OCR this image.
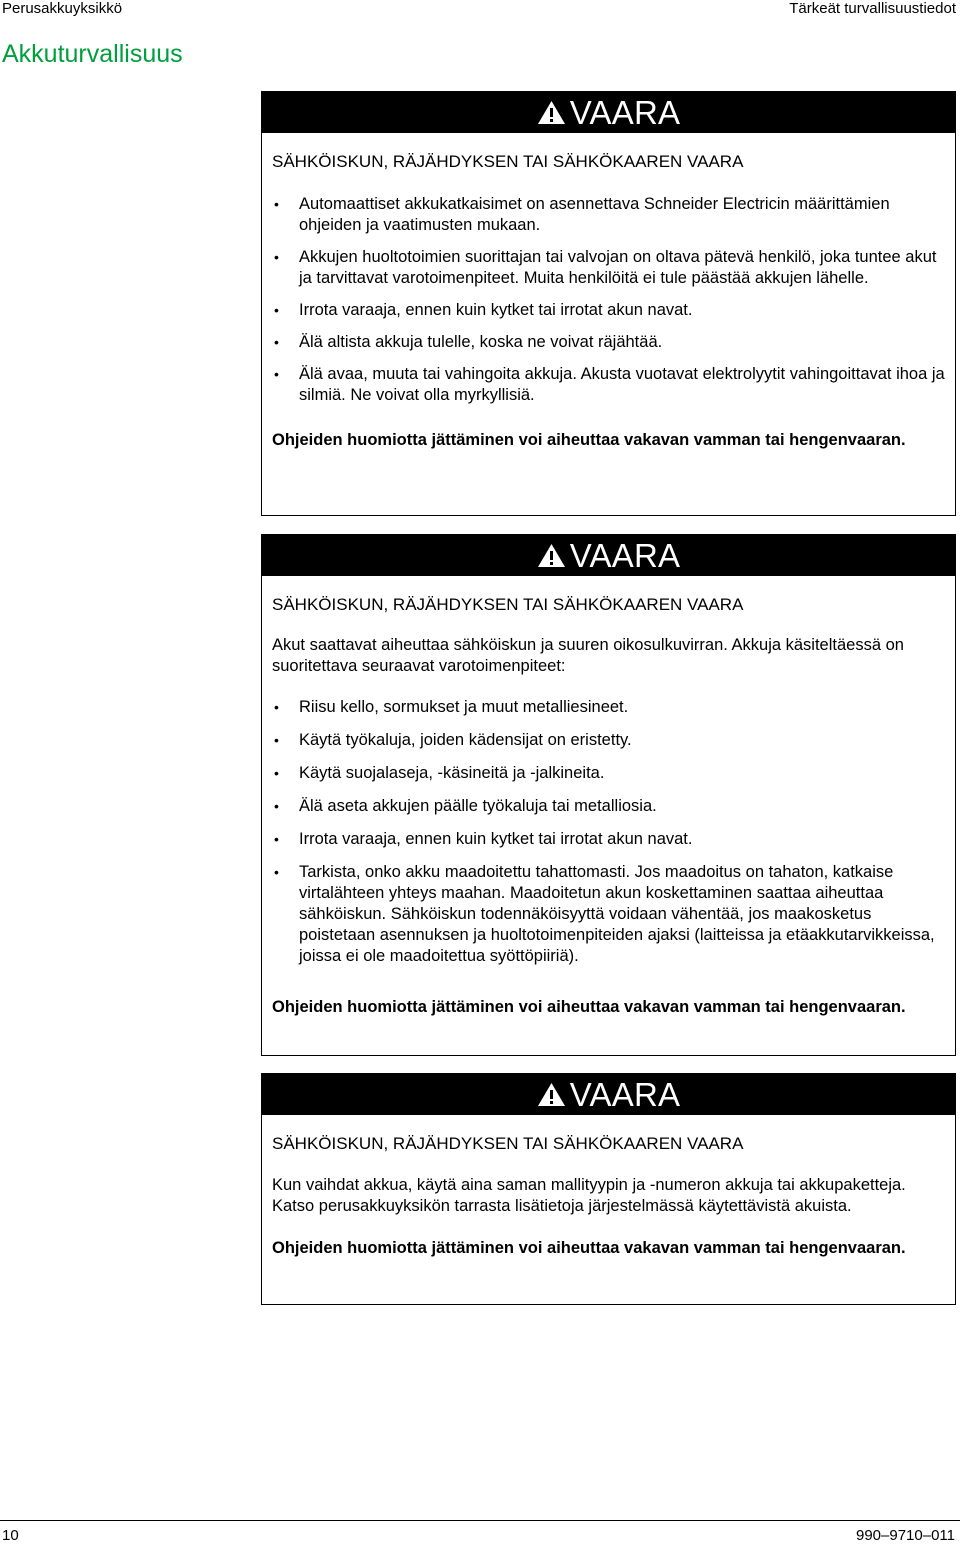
Perusakkuyksikkö	Tärkeät turvallisuustiedot
Akkuturvallisuus
VAARA

SÄHKÖISKUN, RÄJÄHDYKSEN TAI SÄHKÖKAAREN VAARA

• Automaattiset akkukatkaisimet on asennettava Schneider Electricin määrittämien ohjeiden ja vaatimusten mukaan.
• Akkujen huoltotoimien suorittajan tai valvojan on oltava pätevä henkilö, joka tuntee akut ja tarvittavat varotoimenpiteet. Muita henkilöitä ei tule päästää akkujen lähelle.
• Irrota varaaja, ennen kuin kytket tai irrotat akun navat.
• Älä altista akkuja tulelle, koska ne voivat räjähtää.
• Älä avaa, muuta tai vahingoita akkuja. Akusta vuotavat elektrolyytit vahingoittavat ihoa ja silmiä. Ne voivat olla myrkyllisiä.

Ohjeiden huomiotta jättäminen voi aiheuttaa vakavan vamman tai hengenvaaran.

VAARA

SÄHKÖISKUN, RÄJÄHDYKSEN TAI SÄHKÖKAAREN VAARA

Akut saattavat aiheuttaa sähköiskun ja suuren oikosulkuvirran. Akkuja käsiteltäessä on suoritettava seuraavat varotoimenpiteet:

• Riisu kello, sormukset ja muut metalliesineet.
• Käytä työkaluja, joiden kädensijat on eristetty.
• Käytä suojalaseja, -käsineitä ja -jalkineita.
• Älä aseta akkujen päälle työkaluja tai metalliosia.
• Irrota varaaja, ennen kuin kytket tai irrotat akun navat.
• Tarkista, onko akku maadoitettu tahattomasti. Jos maadoitus on tahaton, katkaise virtalähteen yhteys maahan. Maadoitetun akun koskettaminen saattaa aiheuttaa sähköiskun. Sähköiskun todennäköisyyttä voidaan vähentää, jos maakosketus poistetaan asennuksen ja huoltotoimenpiteiden ajaksi (laitteissa ja etäakkutarvikkeissa, joissa ei ole maadoitettua syöttöpiiriä).

Ohjeiden huomiotta jättäminen voi aiheuttaa vakavan vamman tai hengenvaaran.

VAARA

SÄHKÖISKUN, RÄJÄHDYKSEN TAI SÄHKÖKAAREN VAARA

Kun vaihdat akkua, käytä aina saman mallityypin ja -numeron akkuja tai akkupaketteja. Katso perusakkuyksikön tarrasta lisätietoja järjestelmässä käytettävistä akuista.

Ohjeiden huomiotta jättäminen voi aiheuttaa vakavan vamman tai hengenvaaran.

10	990–9710–011
